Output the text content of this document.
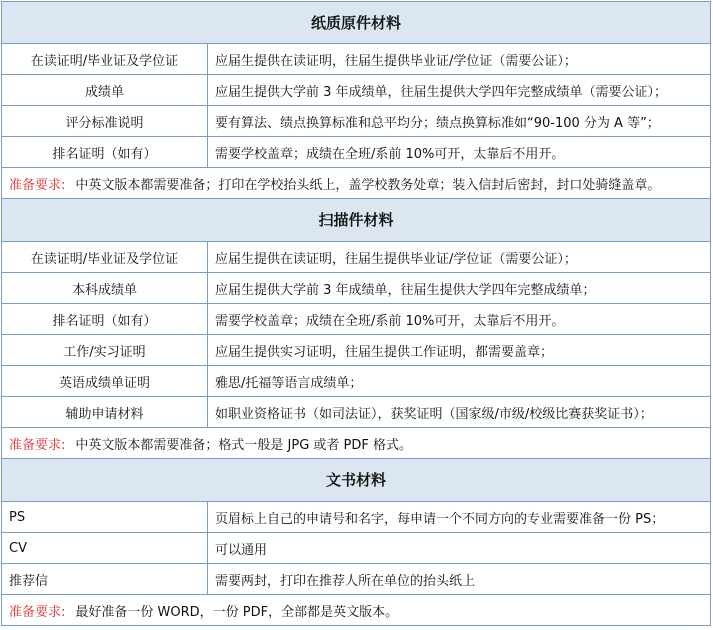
纸质原件材料
在读证明/毕业证及学位证	应届生提供在读证明，往届生提供毕业证/学位证（需要公证）；
成绩单	应届生提供大学前 3 年成绩单，往届生提供大学四年完整成绩单（需要公证）；
评分标准说明	要有算法、绩点换算标准和总平均分；绩点换算标准如“90-100 分为 A 等”；
排名证明（如有）	需要学校盖章；成绩在全班/系前 10%可开，太靠后不用开。
准备要求: 中英文版本都需要准备；打印在学校抬头纸上，盖学校教务处章；装入信封后密封，封口处骑缝盖章。
扫描件材料
在读证明/毕业证及学位证	应届生提供在读证明，往届生提供毕业证/学位证（需要公证）；
本科成绩单	应届生提供大学前 3 年成绩单，往届生提供大学四年完整成绩单；
排名证明（如有）	需要学校盖章；成绩在全班/系前 10%可开，太靠后不用开。
工作/实习证明	应届生提供实习证明，往届生提供工作证明，都需要盖章；
英语成绩单证明	雅思/托福等语言成绩单；
辅助申请材料	如职业资格证书（如司法证），获奖证明（国家级/市级/校级比赛获奖证书）；
准备要求: 中英文版本都需要准备；格式一般是 JPG 或者 PDF 格式。
文书材料
PS	页眉标上自己的申请号和名字，每申请一个不同方向的专业需要准备一份 PS；
CV	可以通用
推荐信	需要两封，打印在推荐人所在单位的抬头纸上
准备要求: 最好准备一份 WORD，一份 PDF，全部都是英文版本。
